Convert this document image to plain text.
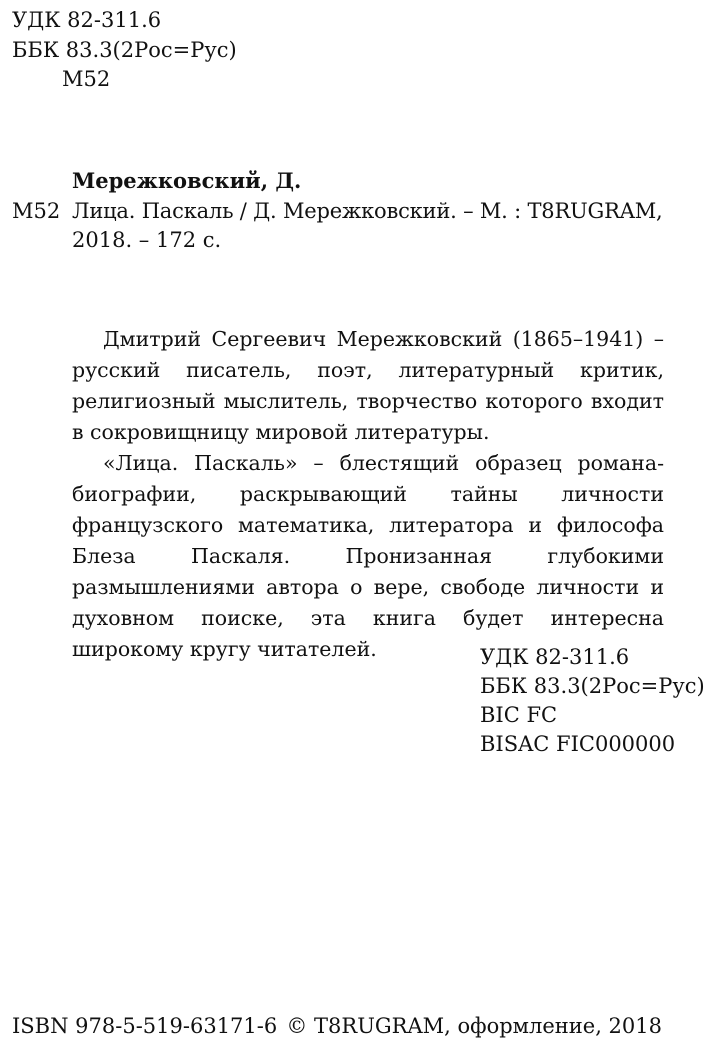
УДК 82-311.6
ББК 83.3(2Рос=Рус)
М52
Мережковский, Д.
М52 Лица. Паскаль / Д. Мережковский. – М. : T8RUGRAM,
2018. – 172 с.

Дмитрий Сергеевич Мережковский (1865–1941) – русский писатель, поэт, литературный критик, религиозный мыслитель, творчество которого входит в сокровищницу мировой литературы.

«Лица. Паскаль» – блестящий образец романа-биографии, раскрывающий тайны личности французского математика, литератора и философа Блеза Паскаля. Пронизанная глубокими размышлениями автора о вере, свободе личности и духовном поиске, эта книга будет интересна широкому кругу читателей.	УДК 82-311.6
ББК 83.3(2Рос=Рус)
BIC FC
BISAC FIC000000
ISBN 978-5-519-63171-6 © T8RUGRAM, оформление, 2018
